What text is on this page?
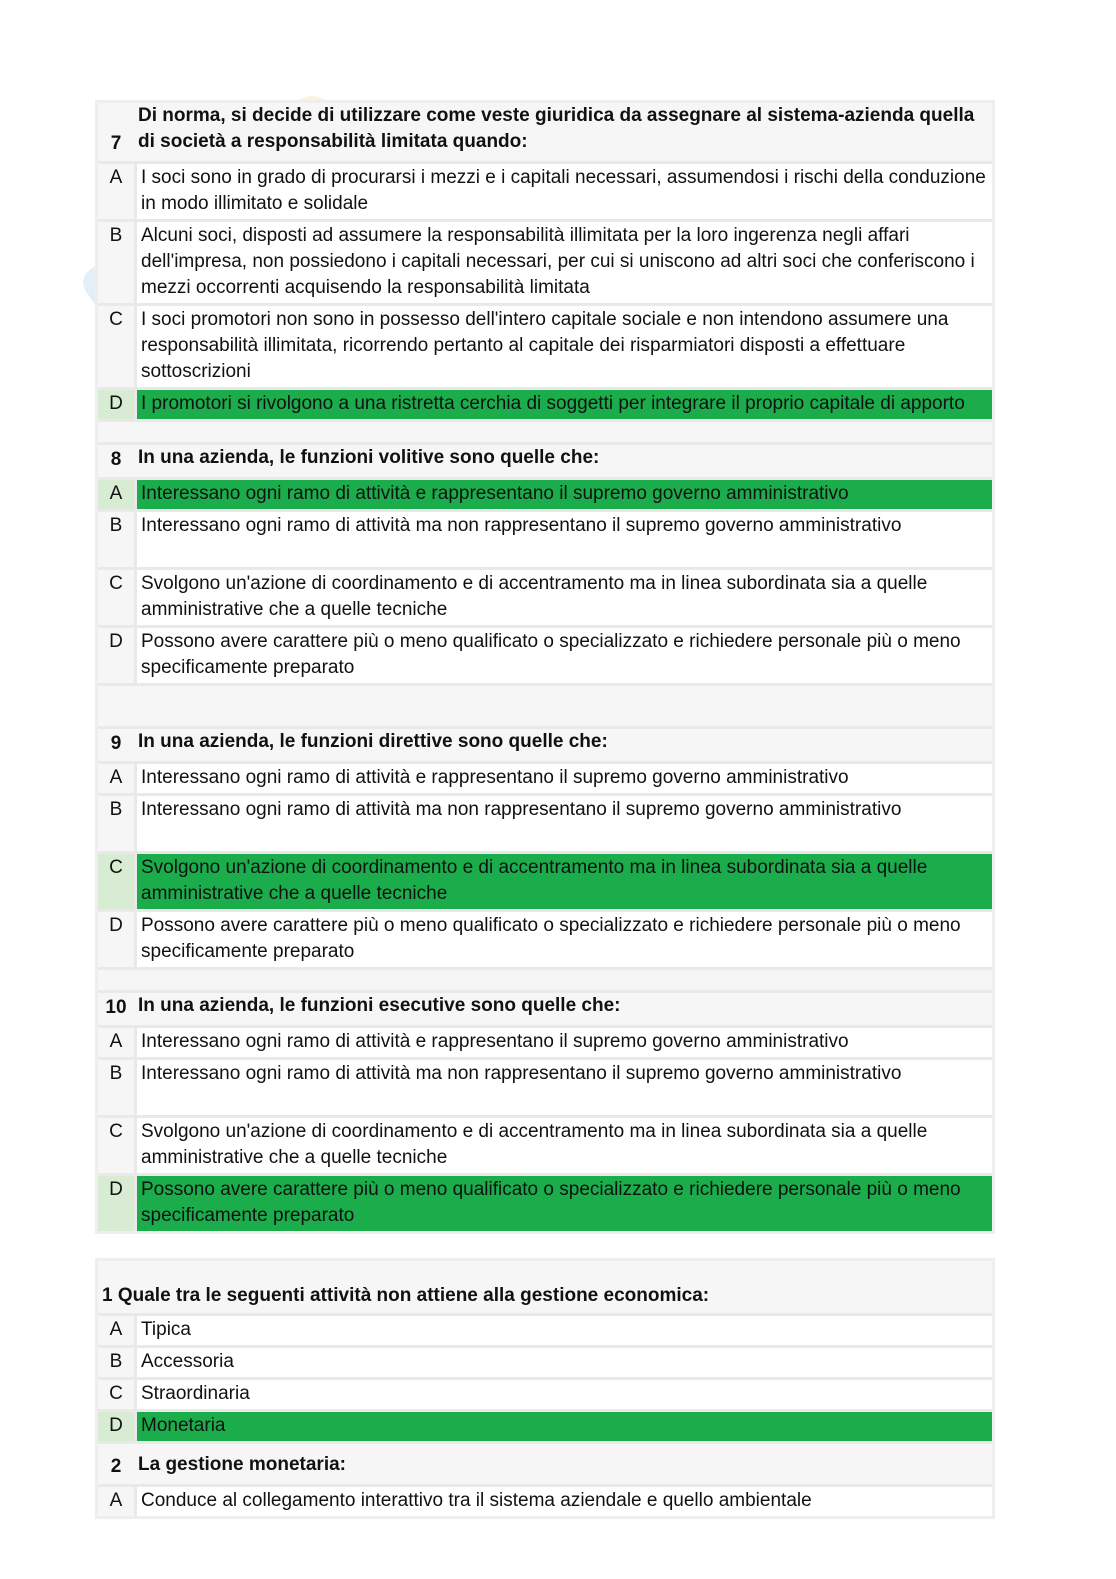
7
Di norma, si decide di utilizzare come veste giuridica da assegnare al sistema-azienda quella di società a responsabilità limitata quando:
A I soci sono in grado di procurarsi i mezzi e i capitali necessari, assumendosi i rischi della conduzione in modo illimitato e solidale
B Alcuni soci, disposti ad assumere la responsabilità illimitata per la loro ingerenza negli affari dell'impresa, non possiedono i capitali necessari, per cui si uniscono ad altri soci che conferiscono i mezzi occorrenti acquisendo la responsabilità limitata
C I soci promotori non sono in possesso dell'intero capitale sociale e non intendono assumere una responsabilità illimitata, ricorrendo pertanto al capitale dei risparmiatori disposti a effettuare sottoscrizioni
D I promotori si rivolgono a una ristretta cerchia di soggetti per integrare il proprio capitale di apporto
8 In una azienda, le funzioni volitive sono quelle che:
A Interessano ogni ramo di attività e rappresentano il supremo governo amministrativo
B Interessano ogni ramo di attività ma non rappresentano il supremo governo amministrativo
C Svolgono un'azione di coordinamento e di accentramento ma in linea subordinata sia a quelle amministrative che a quelle tecniche
D Possono avere carattere più o meno qualificato o specializzato e richiedere personale più o meno specificamente preparato
9 In una azienda, le funzioni direttive sono quelle che:
A Interessano ogni ramo di attività e rappresentano il supremo governo amministrativo
B Interessano ogni ramo di attività ma non rappresentano il supremo governo amministrativo
C Svolgono un'azione di coordinamento e di accentramento ma in linea subordinata sia a quelle amministrative che a quelle tecniche
D Possono avere carattere più o meno qualificato o specializzato e richiedere personale più o meno specificamente preparato
10 In una azienda, le funzioni esecutive sono quelle che:
A Interessano ogni ramo di attività e rappresentano il supremo governo amministrativo
B Interessano ogni ramo di attività ma non rappresentano il supremo governo amministrativo
C Svolgono un'azione di coordinamento e di accentramento ma in linea subordinata sia a quelle amministrative che a quelle tecniche
D Possono avere carattere più o meno qualificato o specializzato e richiedere personale più o meno specificamente preparato
1 Quale tra le seguenti attività non attiene alla gestione economica:
A Tipica
B Accessoria
C Straordinaria
D Monetaria
2 La gestione monetaria:
A Conduce al collegamento interattivo tra il sistema aziendale e quello ambientale
